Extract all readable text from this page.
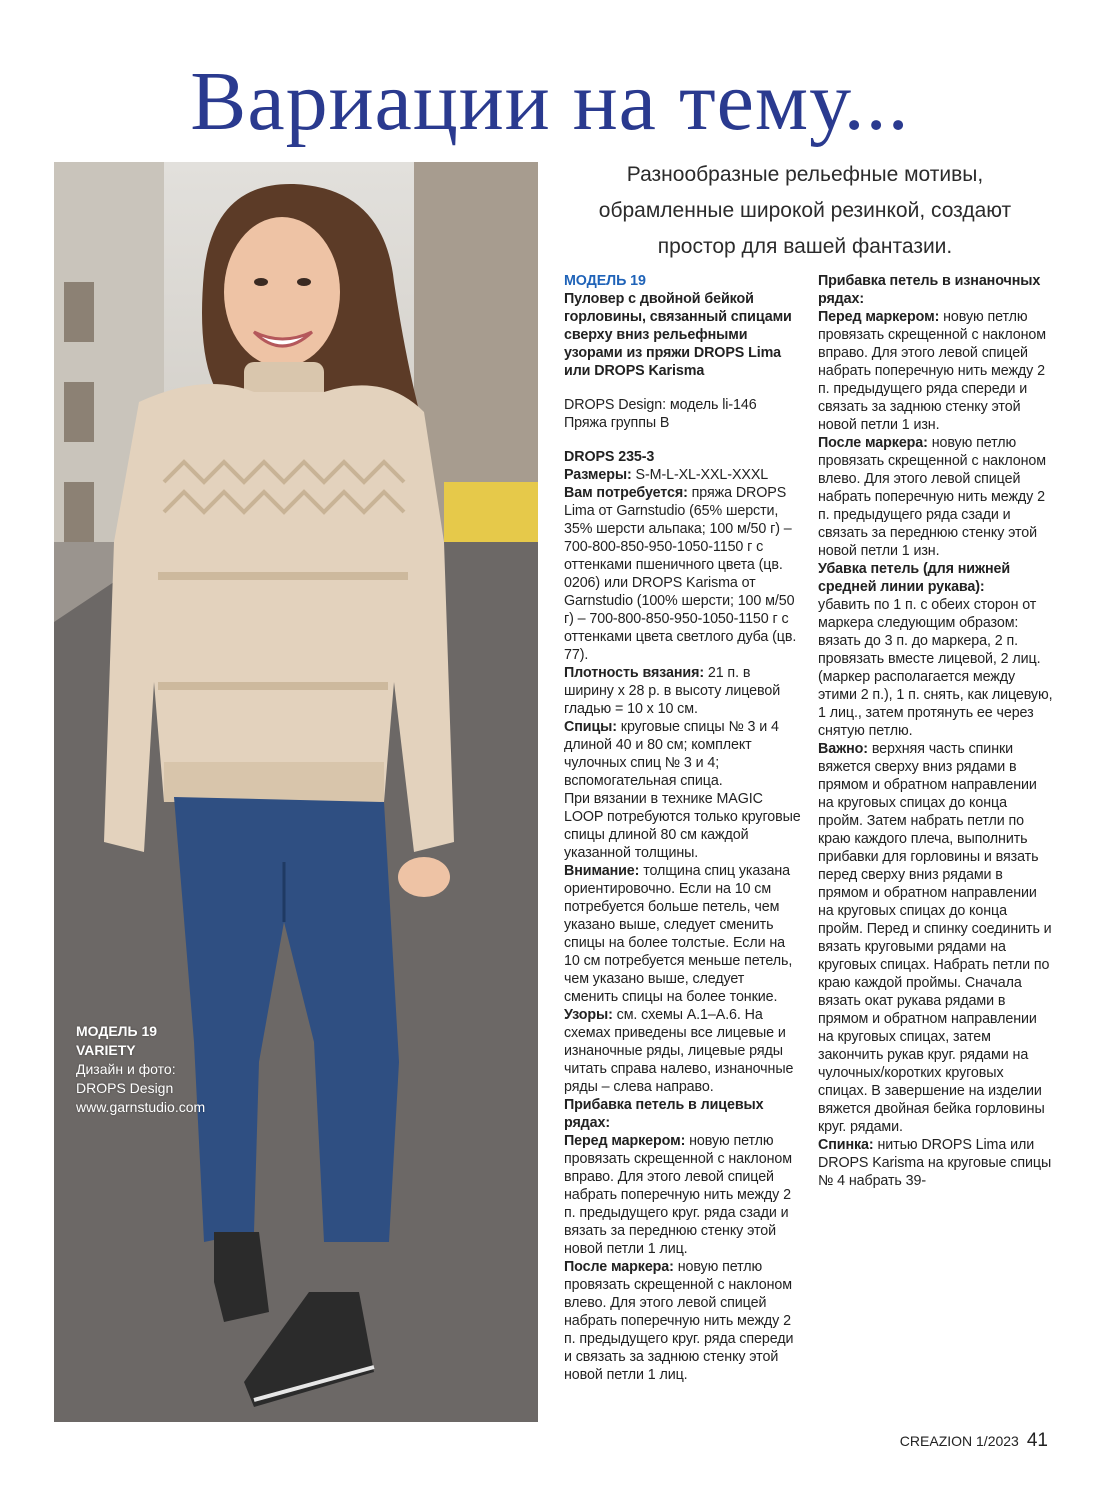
Вариации на тему...
МОДЕЛЬ 19
VARIETY
Дизайн и фото:
DROPS Design
www.garnstudio.com
Разнообразные рельефные мотивы,
обрамленные широкой резинкой, создают
простор для вашей фантазии.

МОДЕЛЬ 19

Пуловер с двойной бейкой горловины, связанный спицами сверху вниз рельефными узорами из пряжи DROPS Lima или DROPS Karisma

DROPS Design: модель li-146

Пряжа группы B

DROPS 235-3

Размеры: S-M-L-XL-XXL-XXXL

Вам потребуется: пряжа DROPS Lima от Garnstudio (65% шерсти, 35% шерсти альпака; 100 м/50 г) – 700-800-850-950-1050-1150 г с оттенками пшеничного цвета (цв. 0206) или DROPS Karisma от Garnstudio (100% шерсти; 100 м/50 г) – 700-800-850-950-1050-1150 г с оттенками цвета светлого дуба (цв. 77).

Плотность вязания: 21 п. в ширину х 28 р. в высоту лицевой гладью = 10 х 10 см.

Спицы: круговые спицы № 3 и 4 длиной 40 и 80 см; комплект чулочных спиц № 3 и 4; вспомогательная спица.

При вязании в технике MAGIC LOOP потребуются только круговые спицы длиной 80 см каждой указанной толщины.

Внимание: толщина спиц указана ориентировочно. Если на 10 см потребуется больше петель, чем указано выше, следует сменить спицы на более толстые. Если на 10 см потребуется меньше петель, чем указано выше, следует сменить спицы на более тонкие.

Узоры: см. схемы А.1–А.6. На схемах приведены все лицевые и изнаночные ряды, лицевые ряды читать справа налево, изнаночные ряды – слева направо.

Прибавка петель в лицевых рядах:

Перед маркером: новую петлю провязать скрещенной с наклоном вправо. Для этого левой спицей набрать поперечную нить между 2 п. предыдущего круг. ряда сзади и вязать за переднюю стенку этой новой петли 1 лиц.

После маркера: новую петлю провязать скрещенной с наклоном влево. Для этого левой спицей набрать поперечную нить между 2 п. предыдущего круг. ряда спереди и связать за заднюю стенку этой новой петли 1 лиц.

Прибавка петель в изнаночных рядах:

Перед маркером: новую петлю провязать скрещенной с наклоном вправо. Для этого левой спицей набрать поперечную нить между 2 п. предыдущего ряда спереди и связать за заднюю стенку этой новой петли 1 изн.

После маркера: новую петлю провязать скрещенной с наклоном влево. Для этого левой спицей набрать поперечную нить между 2 п. предыдущего ряда сзади и связать за переднюю стенку этой новой петли 1 изн.

Убавка петель (для нижней средней линии рукава):

убавить по 1 п. с обеих сторон от маркера следующим образом: вязать до 3 п. до маркера, 2 п. провязать вместе лицевой, 2 лиц. (маркер располагается между этими 2 п.), 1 п. снять, как лицевую, 1 лиц., затем протянуть ее через снятую петлю.

Важно: верхняя часть спинки вяжется сверху вниз рядами в прямом и обратном направлении на круговых спицах до конца пройм. Затем набрать петли по краю каждого плеча, выполнить прибавки для горловины и вязать перед сверху вниз рядами в прямом и обратном направлении на круговых спицах до конца пройм. Перед и спинку соединить и вязать круговыми рядами на круговых спицах. Набрать петли по краю каждой проймы. Сначала вязать окат рукава рядами в прямом и обратном направлении на круговых спицах, затем закончить рукав круг. рядами на чулочных/коротких круговых спицах. В завершение на изделии вяжется двойная бейка горловины круг. рядами.

Спинка: нитью DROPS Lima или DROPS Karisma на круговые спицы № 4 набрать 39-

CREAZION 1/2023 41
